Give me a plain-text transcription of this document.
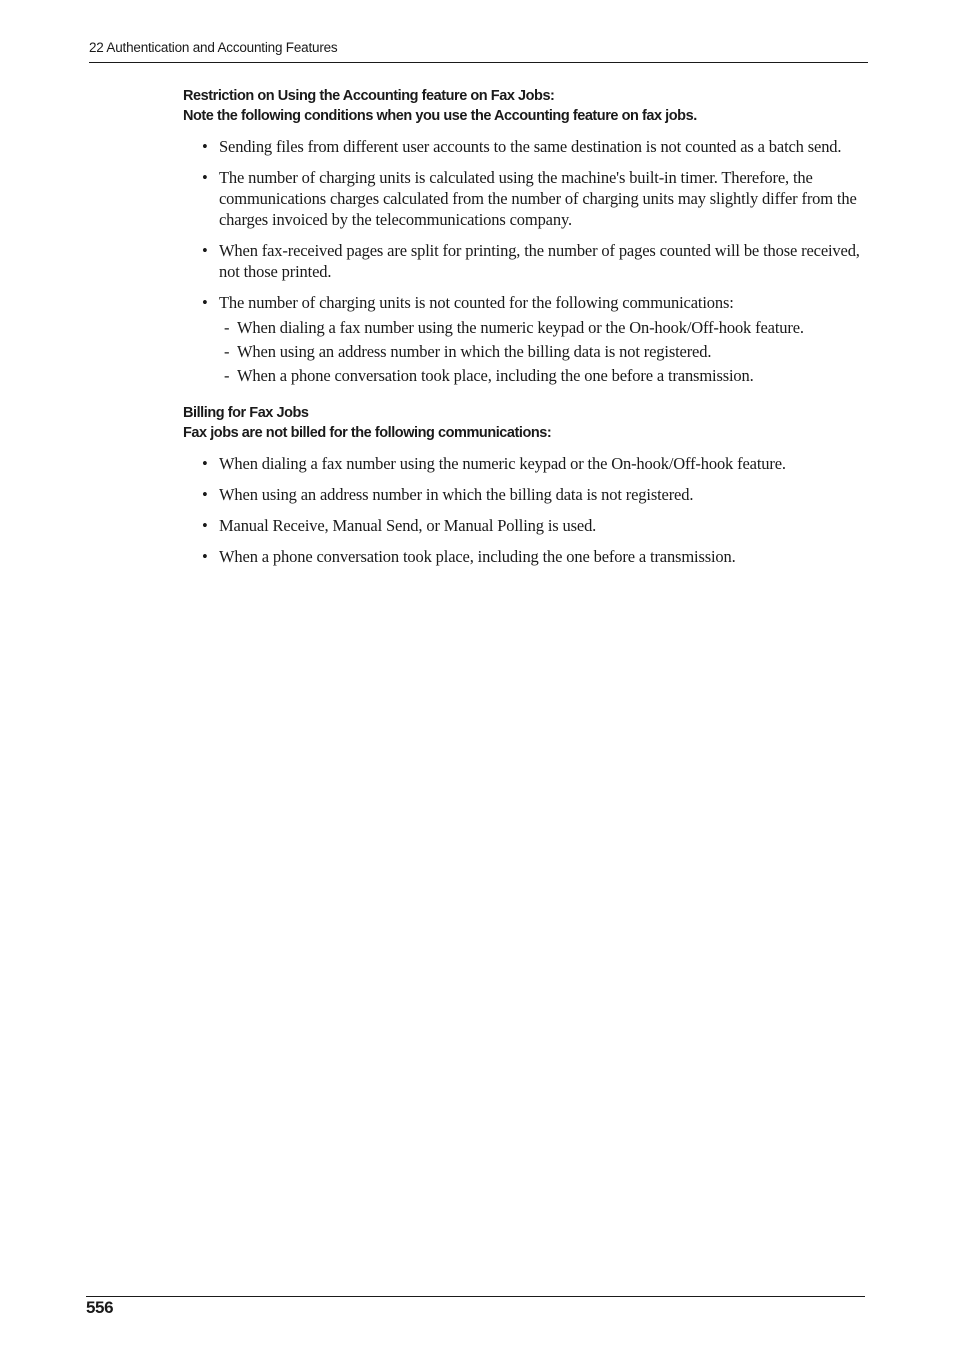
22 Authentication and Accounting Features

Restriction on Using the Accounting feature on Fax Jobs:

Note the following conditions when you use the Accounting feature on fax jobs.

• Sending files from different user accounts to the same destination is not counted as a batch send.
• The number of charging units is calculated using the machine's built-in timer. Therefore, the communications charges calculated from the number of charging units may slightly differ from the charges invoiced by the telecommunications company.
• When fax-received pages are split for printing, the number of pages counted will be those received, not those printed.
• The number of charging units is not counted for the following communications:
- When dialing a fax number using the numeric keypad or the On-hook/Off-hook feature.
- When using an address number in which the billing data is not registered.
- When a phone conversation took place, including the one before a transmission.

Billing for Fax Jobs

Fax jobs are not billed for the following communications:

• When dialing a fax number using the numeric keypad or the On-hook/Off-hook feature.
• When using an address number in which the billing data is not registered.
• Manual Receive, Manual Send, or Manual Polling is used.
• When a phone conversation took place, including the one before a transmission.
556
